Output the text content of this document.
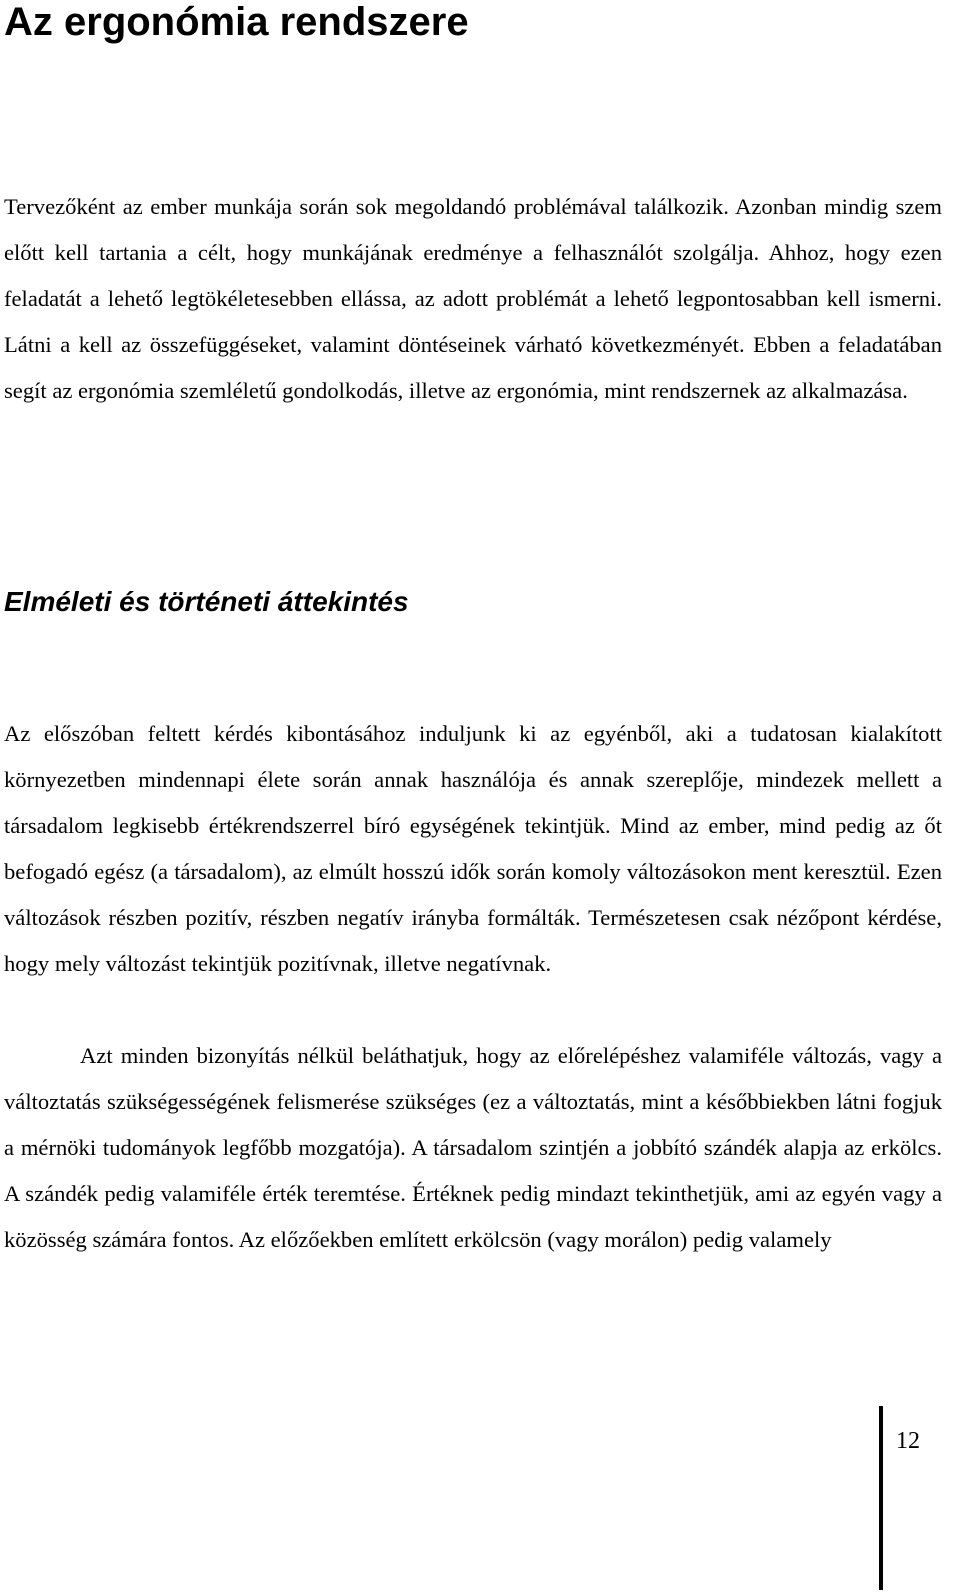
Az ergonómia rendszere

Tervezőként az ember munkája során sok megoldandó problémával találkozik. Azonban mindig szem előtt kell tartania a célt, hogy munkájának eredménye a felhasználót szolgálja. Ahhoz, hogy ezen feladatát a lehető legtökéletesebben ellássa, az adott problémát a lehető legpontosabban kell ismerni. Látni a kell az összefüggéseket, valamint döntéseinek várható következményét. Ebben a feladatában segít az ergonómia szemléletű gondolkodás, illetve az ergonómia, mint rendszernek az alkalmazása.

Elméleti és történeti áttekintés

Az előszóban feltett kérdés kibontásához induljunk ki az egyénből, aki a tudatosan kialakított környezetben mindennapi élete során annak használója és annak szereplője, mindezek mellett a társadalom legkisebb értékrendszerrel bíró egységének tekintjük. Mind az ember, mind pedig az őt befogadó egész (a társadalom), az elmúlt hosszú idők során komoly változásokon ment keresztül. Ezen változások részben pozitív, részben negatív irányba formálták. Természetesen csak nézőpont kérdése, hogy mely változást tekintjük pozitívnak, illetve negatívnak.

Azt minden bizonyítás nélkül beláthatjuk, hogy az előrelépéshez valamiféle változás, vagy a változtatás szükségességének felismerése szükséges (ez a változtatás, mint a későbbiekben látni fogjuk a mérnöki tudományok legfőbb mozgatója). A társadalom szintjén a jobbító szándék alapja az erkölcs. A szándék pedig valamiféle érték teremtése. Értéknek pedig mindazt tekinthetjük, ami az egyén vagy a közösség számára fontos. Az előzőekben említett erkölcsön (vagy morálon) pedig valamely

12
